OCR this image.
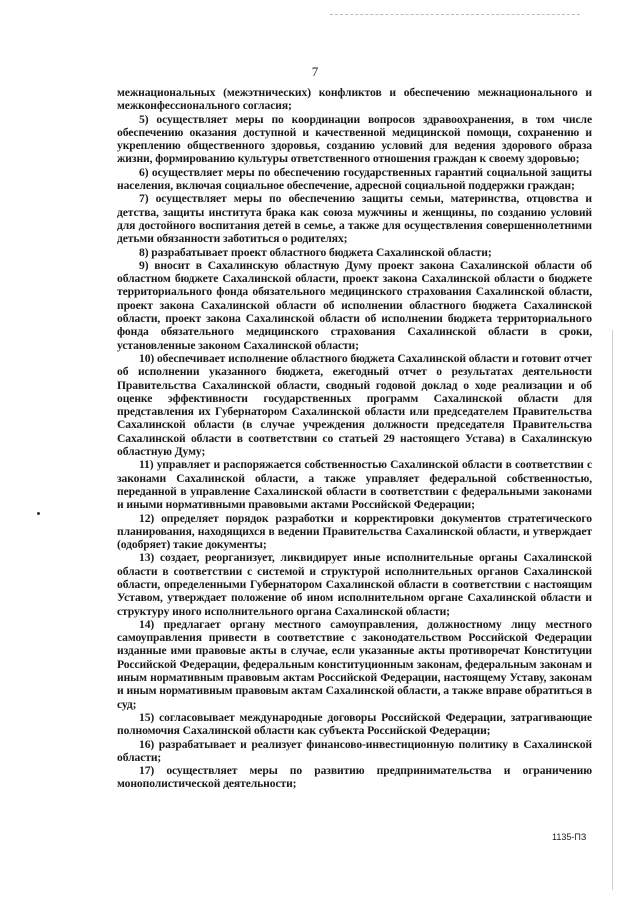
7

межнациональных (межэтнических) конфликтов и обеспечению межнационального и межконфессионального согласия;

5) осуществляет меры по координации вопросов здравоохранения, в том числе обеспечению оказания доступной и качественной медицинской помощи, сохранению и укреплению общественного здоровья, созданию условий для ведения здорового образа жизни, формированию культуры ответственного отношения граждан к своему здоровью;

6) осуществляет меры по обеспечению государственных гарантий социальной защиты населения, включая социальное обеспечение, адресной социальной поддержки граждан;

7) осуществляет меры по обеспечению защиты семьи, материнства, отцовства и детства, защиты института брака как союза мужчины и женщины, по созданию условий для достойного воспитания детей в семье, а также для осуществления совершеннолетними детьми обязанности заботиться о родителях;

8) разрабатывает проект областного бюджета Сахалинской области;

9) вносит в Сахалинскую областную Думу проект закона Сахалинской области об областном бюджете Сахалинской области, проект закона Сахалинской области о бюджете территориального фонда обязательного медицинского страхования Сахалинской области, проект закона Сахалинской области об исполнении областного бюджета Сахалинской области, проект закона Сахалинской области об исполнении бюджета территориального фонда обязательного медицинского страхования Сахалинской области в сроки, установленные законом Сахалинской области;

10) обеспечивает исполнение областного бюджета Сахалинской области и готовит отчет об исполнении указанного бюджета, ежегодный отчет о результатах деятельности Правительства Сахалинской области, сводный годовой доклад о ходе реализации и об оценке эффективности государственных программ Сахалинской области для представления их Губернатором Сахалинской области или председателем Правительства Сахалинской области (в случае учреждения должности председателя Правительства Сахалинской области в соответствии со статьей 29 настоящего Устава) в Сахалинскую областную Думу;

11) управляет и распоряжается собственностью Сахалинской области в соответствии с законами Сахалинской области, а также управляет федеральной собственностью, переданной в управление Сахалинской области в соответствии с федеральными законами и иными нормативными правовыми актами Российской Федерации;

12) определяет порядок разработки и корректировки документов стратегического планирования, находящихся в ведении Правительства Сахалинской области, и утверждает (одобряет) такие документы;

13) создает, реорганизует, ликвидирует иные исполнительные органы Сахалинской области в соответствии с системой и структурой исполнительных органов Сахалинской области, определенными Губернатором Сахалинской области в соответствии с настоящим Уставом, утверждает положение об ином исполнительном органе Сахалинской области и структуру иного исполнительного органа Сахалинской области;

14) предлагает органу местного самоуправления, должностному лицу местного самоуправления привести в соответствие с законодательством Российской Федерации изданные ими правовые акты в случае, если указанные акты противоречат Конституции Российской Федерации, федеральным конституционным законам, федеральным законам и иным нормативным правовым актам Российской Федерации, настоящему Уставу, законам и иным нормативным правовым актам Сахалинской области, а также вправе обратиться в суд;

15) согласовывает международные договоры Российской Федерации, затрагивающие полномочия Сахалинской области как субъекта Российской Федерации;

16) разрабатывает и реализует финансово-инвестиционную политику в Сахалинской области;

17) осуществляет меры по развитию предпринимательства и ограничению монополистической деятельности;

1135-ПЗ
